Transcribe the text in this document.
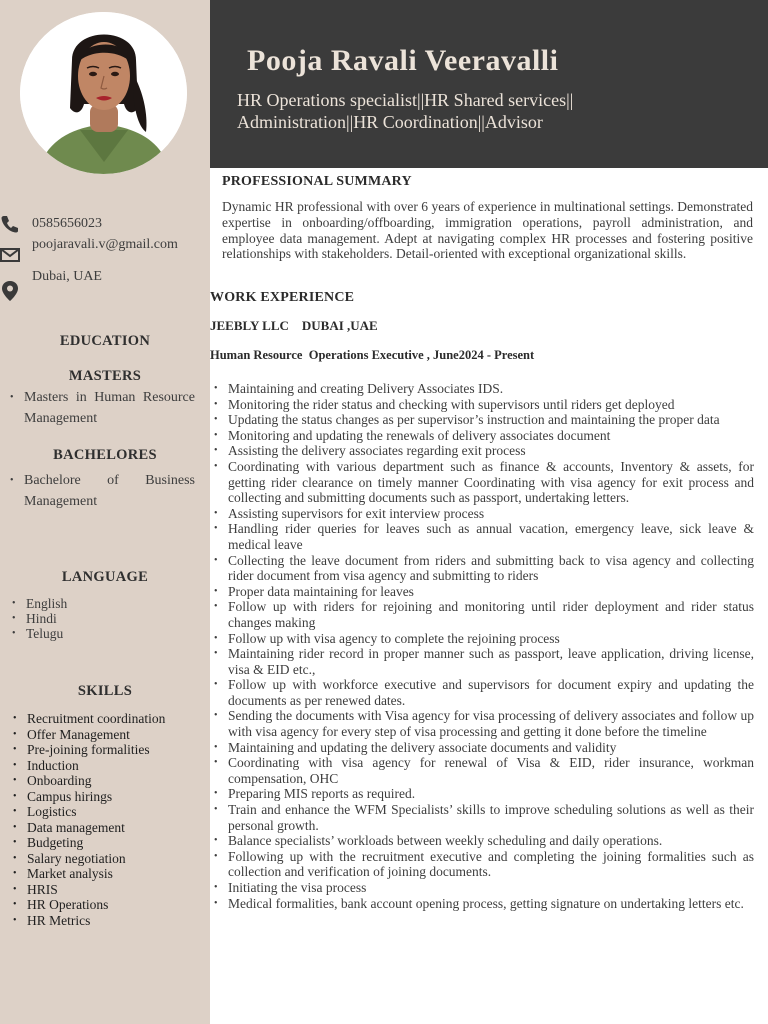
0585656023
poojaravali.v@gmail.com
Dubai, UAE
EDUCATION
MASTERS
• Masters in Human Resource Management
BACHELORES
• Bachelore of Business Management
LANGUAGE
• English
• Hindi
• Telugu
SKILLS
• Recruitment coordination
• Offer Management
• Pre-joining formalities
• Induction
• Onboarding
• Campus hirings
• Logistics
• Data management
• Budgeting
• Salary negotiation
• Market analysis
• HRIS
• HR Operations
• HR Metrics
Pooja Ravali Veeravalli
HR Operations specialist||HR Shared services||
Administration||HR Coordination||Advisor
PROFESSIONAL SUMMARY
Dynamic HR professional with over 6 years of experience in multinational settings. Demonstrated expertise in onboarding/offboarding, immigration operations, payroll administration, and employee data management. Adept at navigating complex HR processes and fostering positive relationships with stakeholders. Detail-oriented with exceptional organizational skills.
WORK EXPERIENCE
JEEBLY LLC    DUBAI ,UAE
Human Resource  Operations Executive , June2024 - Present
• Maintaining and creating Delivery Associates IDS.
• Monitoring the rider status and checking with supervisors until riders get deployed
• Updating the status changes as per supervisor’s instruction and maintaining the proper data
• Monitoring and updating the renewals of delivery associates document
• Assisting the delivery associates regarding exit process
• Coordinating with various department such as finance & accounts, Inventory & assets, for getting rider clearance on timely manner Coordinating with visa agency for exit process and collecting and submitting documents such as passport, undertaking letters.
• Assisting supervisors for exit interview process
• Handling rider queries for leaves such as annual vacation, emergency leave, sick leave & medical leave
• Collecting the leave document from riders and submitting back to visa agency and collecting rider document from visa agency and submitting to riders
• Proper data maintaining for leaves
• Follow up with riders for rejoining and monitoring until rider deployment and rider status changes making
• Follow up with visa agency to complete the rejoining process
• Maintaining rider record in proper manner such as passport, leave application, driving license, visa & EID etc.,
• Follow up with workforce executive and supervisors for document expiry and updating the documents as per renewed dates.
• Sending the documents with Visa agency for visa processing of delivery associates and follow up with visa agency for every step of visa processing and getting it done before the timeline
• Maintaining and updating the delivery associate documents and validity
• Coordinating with visa agency for renewal of Visa & EID, rider insurance, workman compensation, OHC
• Preparing MIS reports as required.
• Train and enhance the WFM Specialists’ skills to improve scheduling solutions as well as their personal growth.
• Balance specialists’ workloads between weekly scheduling and daily operations.
• Following up with the recruitment executive and completing the joining formalities such as collection and verification of joining documents.
• Initiating the visa process
• Medical formalities, bank account opening process, getting signature on undertaking letters etc.
